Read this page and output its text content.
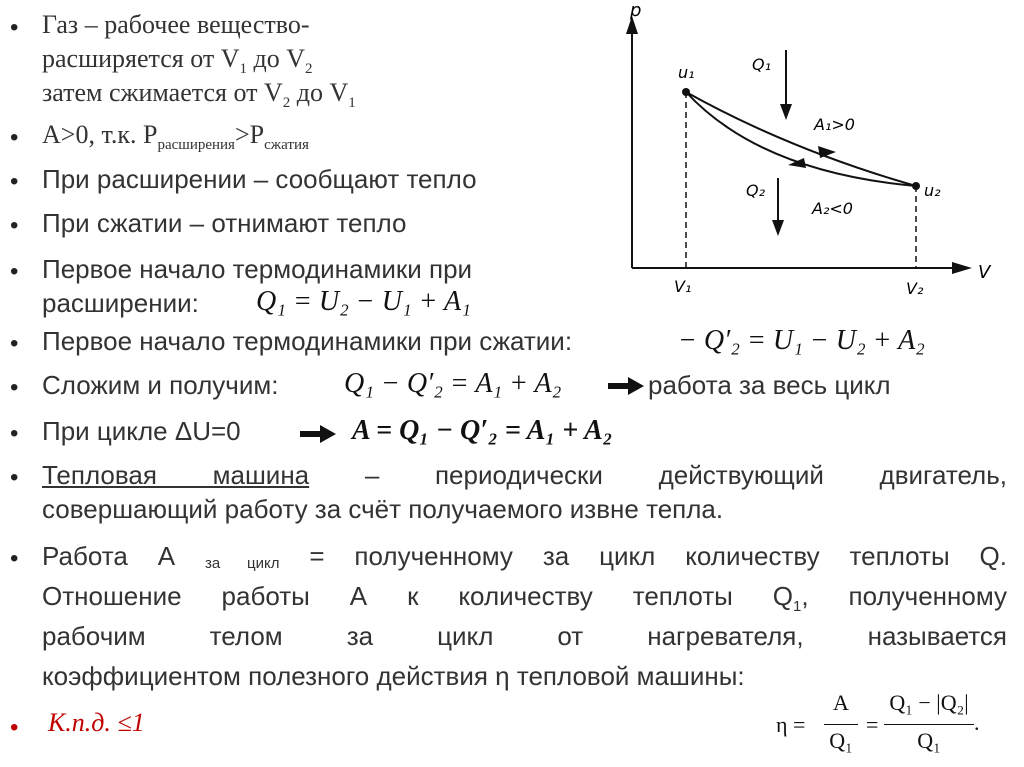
• Газ – рабочее вещество-
расширяется от $V_1$ до $V_2$
затем сжимается от $V_2$ до $V_1$
• А>0, т.к. $Р_{расширения}>Р_{сжатия}$
• При расширении – сообщают тепло
• При сжатии – отнимают тепло
• Первое начало термодинамики при
расширении: Q₁ = U₂ − U₁ + A₁
• Первое начало термодинамики при сжатии:	− Q′₂ = U₁ − U₂ + A₂
• Сложим и получим: Q₁ − Q′₂ = A₁ + A₂	работа за весь цикл
• При цикле ΔU=0	A = Q₁ − Q′₂ = A₁ + A₂
• Тепловая машина – периодически действующий двигатель,
совершающий работу за счёт получаемого извне тепла.
• Работа А за цикл = полученному за цикл количеству теплоты Q.
Отношение работы А к количеству теплоты $Q_1$, полученному
рабочим телом за цикл от нагревателя, называется
коэффициентом полезного действия η тепловой машины:
• К.п.д. ≤1	η =
A
Q₁
=
Q₁ − |Q₂|
Q₁
.
p
V
u₁
u₂
V₁	V₂
Q₁
Q₂
A₁>0
A₂<0
